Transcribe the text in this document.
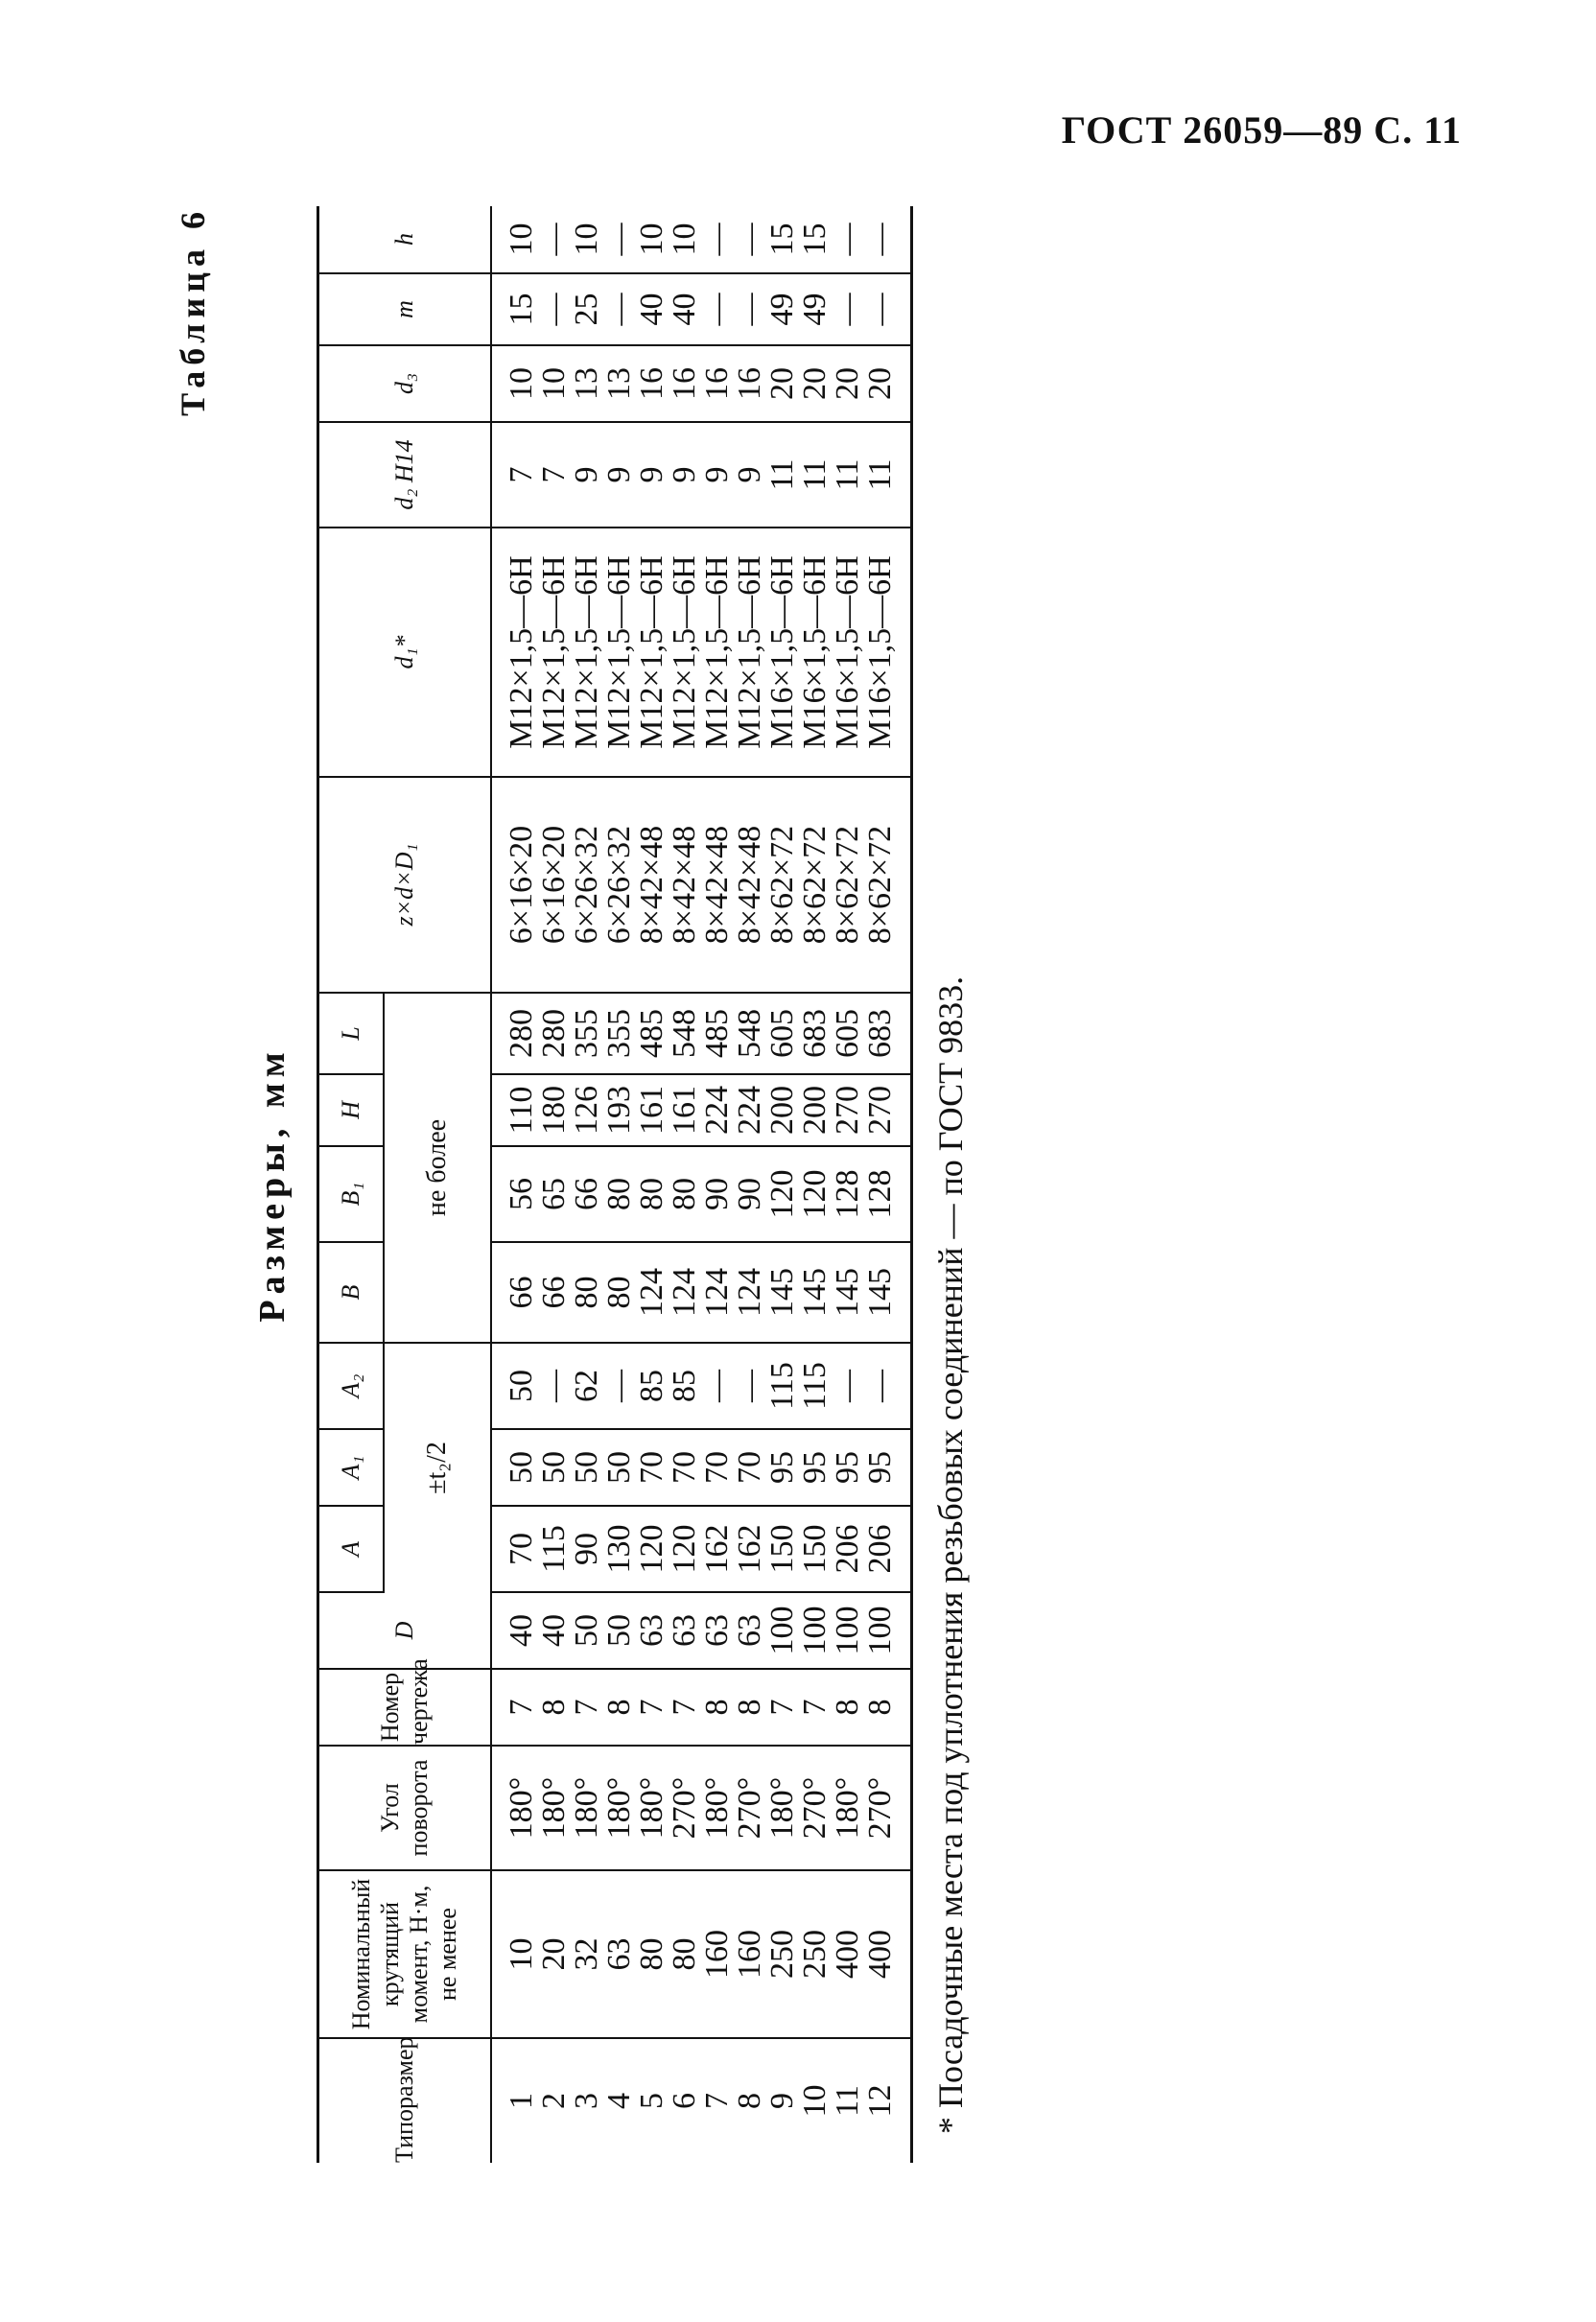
ГОСТ 26059—89 С. 11
Таблица 6
Размеры, мм
Типоразмер	Номинальный крутящий момент, Н·м, не менее	Угол поворота	Номер чертежа	D	A	A₁	A₂	B	B₁	H	L	z×d×D₁	d₁*	d₂ H14	d₃	m	h
					±t₂/2			не более									
1	10	180°	7	40	70	50	50	66	56	110	280	6×16×20	M12×1,5—6H	7	10	15	10
2	20	180°	8	40	115	50	—	66	65	180	280	6×16×20	M12×1,5—6H	7	10	—	—
3	32	180°	7	50	90	50	62	80	66	126	355	6×26×32	M12×1,5—6H	9	13	25	10
4	63	180°	8	50	130	50	—	80	80	193	355	6×26×32	M12×1,5—6H	9	13	—	—
5	80	180°	7	63	120	70	85	124	80	161	485	8×42×48	M12×1,5—6H	9	16	40	10
6	80	270°	7	63	120	70	85	124	80	161	548	8×42×48	M12×1,5—6H	9	16	40	10
7	160	180°	8	63	162	70	—	124	90	224	485	8×42×48	M12×1,5—6H	9	16	—	—
8	160	270°	8	63	162	70	—	124	90	224	548	8×42×48	M12×1,5—6H	9	16	—	—
9	250	180°	7	100	150	95	115	145	120	200	605	8×62×72	M16×1,5—6H	11	20	49	15
10	250	270°	7	100	150	95	115	145	120	200	683	8×62×72	M16×1,5—6H	11	20	49	15
11	400	180°	8	100	206	95	—	145	128	270	605	8×62×72	M16×1,5—6H	11	20	—	—
12	400	270°	8	100	206	95	—	145	128	270	683	8×62×72	M16×1,5—6H	11	20	—	—
* Посадочные места под уплотнения резьбовых соединений — по ГОСТ 9833.
